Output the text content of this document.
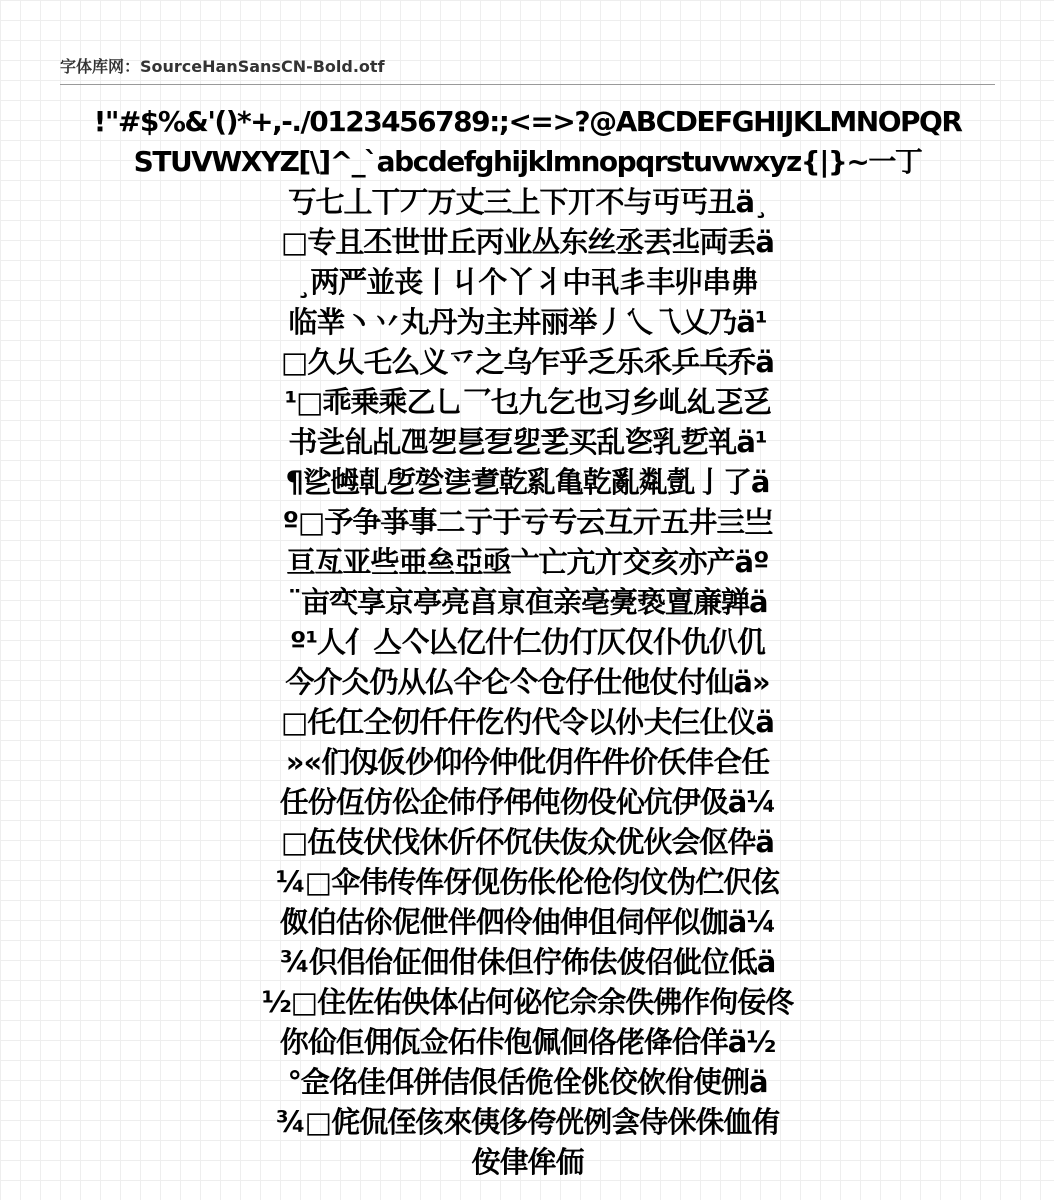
字体库网：SourceHanSansCN-Bold.otf
!"#$%&'()*+,-./0123456789:;<=>?@ABCDEFGHIJKLMNOPQR
STUVWXYZ[\]^_`abcdefghijklmnopqrstuvwxyz{|}~一丁
丂七丄丅丆万丈三上下丌不与丏丐丑ä¸
□专且丕世丗丘丙业丛东丝丞丟丠両丢ä
¸两严並丧丨丩个丫丬中丮丯丰丱串丳
临丵丶丷丸丹为主丼丽举丿乀乁乂乃ä¹
□久乆乇么义乊之乌乍乎乏乐乑乒乓乔ä
¹□乖乗乘乙乚乛乜九乞也习乡乢乣乤乥
书乧乨乩乪乫乬乭乮乯买乱乲乳乴乵ä¹
¶乷乸乹乺乻乼乽乾乿亀乾亂亃亄亅了ä
º□予争亊事二亍于亏亐云互亓五井亖亗
亘亙亚些亜亝亞亟亠亡亢亣交亥亦产äº
¨亩亪享京亭亮亯亰亱亲亳亴亵亶亷亸ä
º¹人亻亼亽亾亿什仁仂仃仄仅仆仇仈仉
今介仌仍从仏仐仑仒仓仔仕他仗付仙ä»
□仛仜仝仞仟仠仡仢代令以仦仧仨仩仪ä
»«们仭仮仯仰仱仲仳仴仵件价仸仹仺任
任份仾仿伀企伂伃伄伅伆伇伈伉伊伋ä¼
□伍伎伏伐休伒伓伔伕伖众优伙会伛伜ä
¼□伞伟传伡伢伣伤伥伦伧伨伩伪伫伬伭
伮伯估伱伲伳伴伵伶伷伸伹伺伻似伽ä¼
¾伿佀佁佂佃佄佅但佇佈佉佊佋佌位低ä
½□住佐佑佒体佔何佖佗佘余佚佛作佝佞佟
你佡佢佣佤佥佦佧佨佩佪佫佬佭佮佯ä½
°佱佲佳佴併佶佷佸佹佺佻佼佽佾使侀ä
¾□侂侃侄侅來侇侈侉侊例侌侍侎侏侐侑
侒侓侔侕
